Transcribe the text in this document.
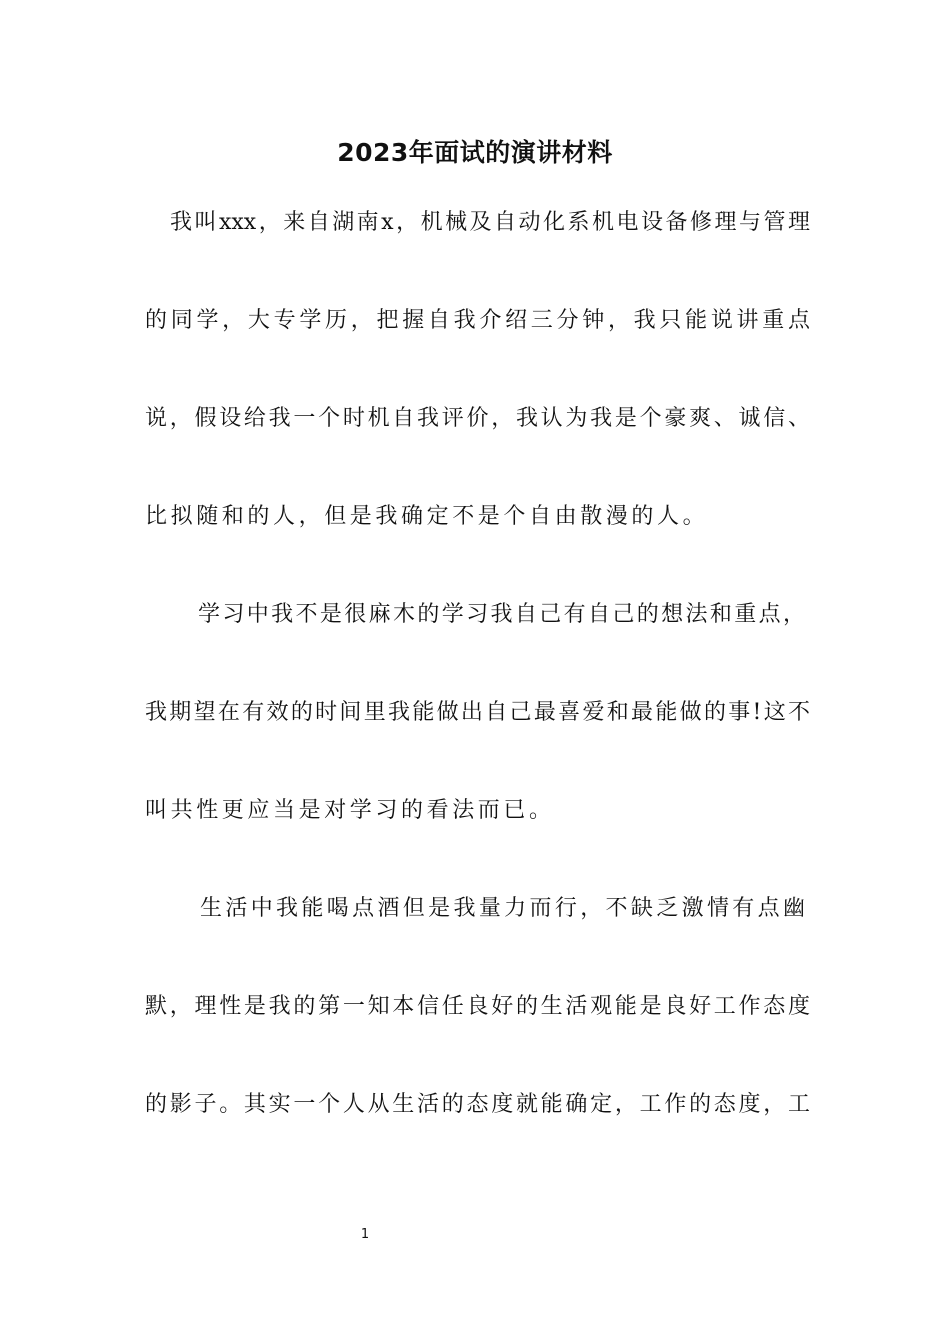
2023年面试的演讲材料
我叫xxx，来自湖南x，机械及自动化系机电设备修理与管理
的同学，大专学历，把握自我介绍三分钟，我只能说讲重点
说，假设给我一个时机自我评价，我认为我是个豪爽、诚信、
比拟随和的人，但是我确定不是个自由散漫的人。
学习中我不是很麻木的学习我自己有自己的想法和重点，
我期望在有效的时间里我能做出自己最喜爱和最能做的事!这不
叫共性更应当是对学习的看法而已。
生活中我能喝点酒但是我量力而行，不缺乏激情有点幽
默，理性是我的第一知本信任良好的生活观能是良好工作态度
的影子。其实一个人从生活的态度就能确定，工作的态度，工
1
